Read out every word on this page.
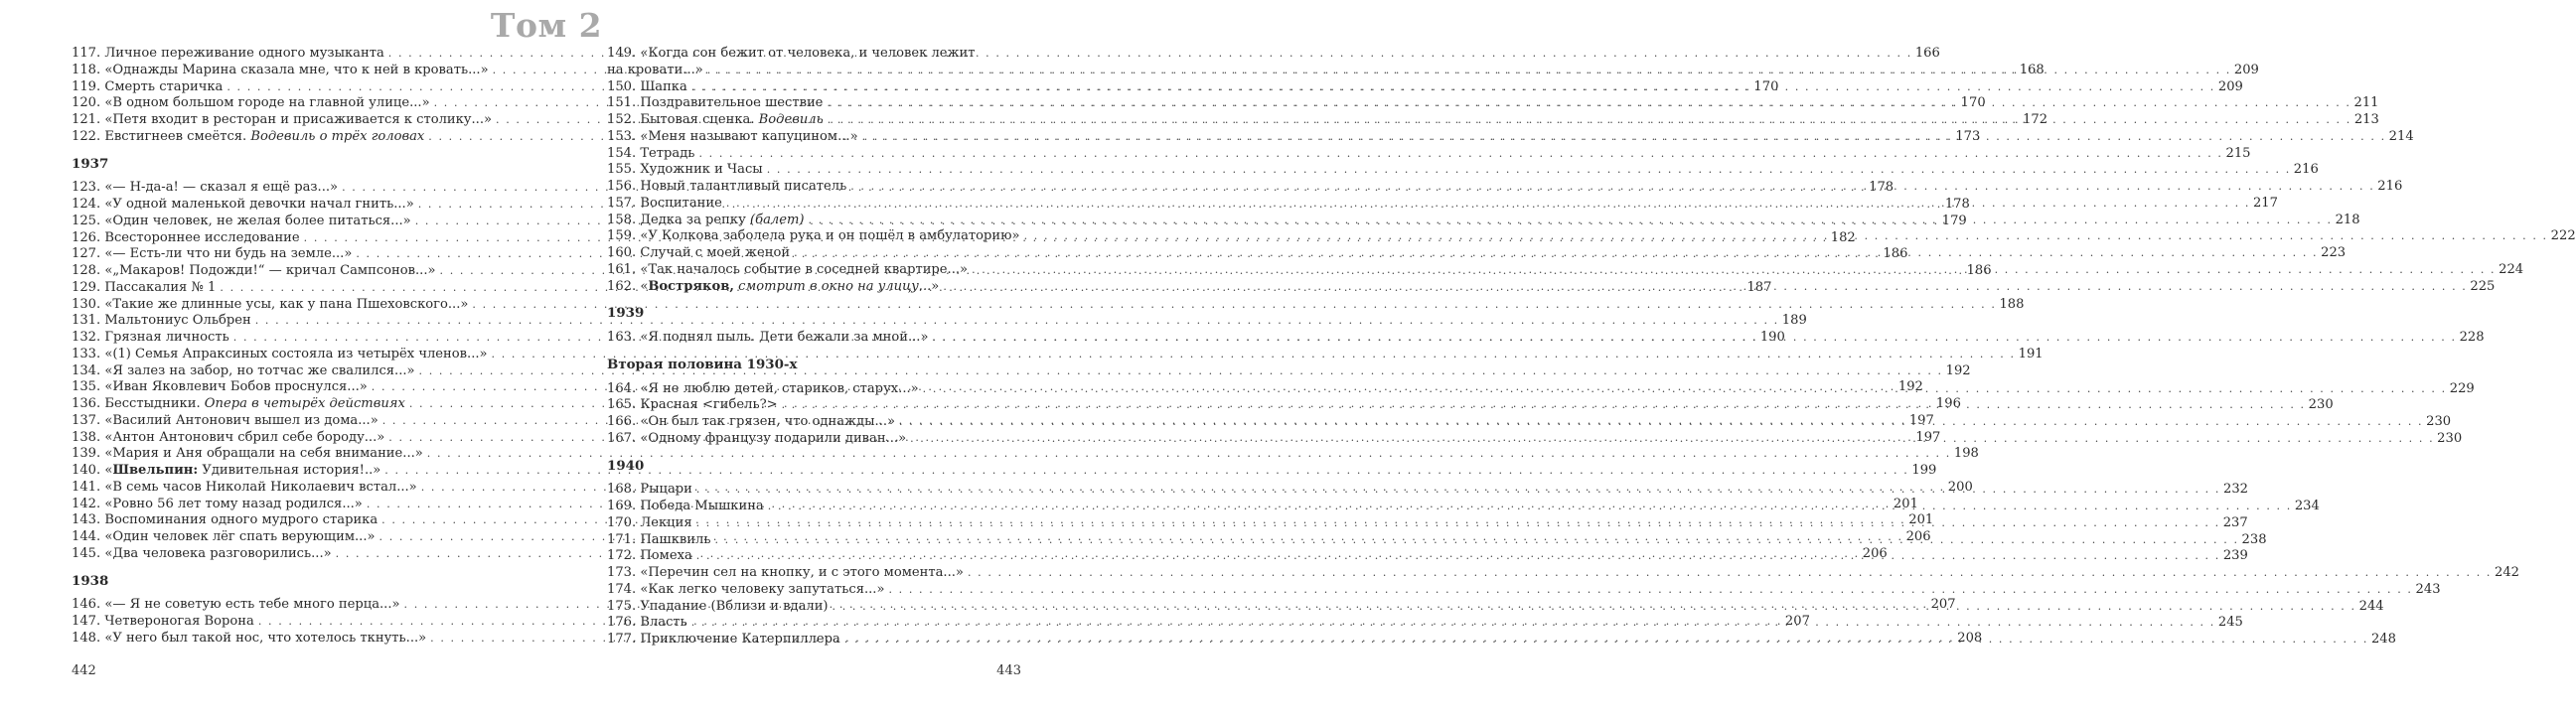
Том 2
117. Личное переживание одного музыканта . . .	166
118. «Однажды Марина сказала мне, что к ней в кровать...» . . .	168
119. Смерть старичка . . .	170
120. «В одном большом городе на главной улице...» . . .	170
121. «Петя входит в ресторан и присаживается к столику...» . . .	172
122. Евстигнеев смеётся. Водевиль о трёх головах . . .	173
1937
123. «— Н-да-а! — сказал я ещё раз...» . . .	178
124. «У одной маленькой девочки начал гнить...» . . .	178
125. «Один человек, не желая более питаться...» . . .	179
126. Всестороннее исследование . . .	182
127. «— Есть-ли что ни будь на земле...» . . .	186
128. «„Макаров! Подожди!“ — кричал Сампсонов...» . . .	186
129. Пассакалия № 1 . . .	187
130. «Такие же длинные усы, как у пана Пшеховского...» . . .	188
131. Мальтониус Ольбрен . . .	189
132. Грязная личность . . .	190
133. «(1) Семья Апраксиных состояла из четырёх членов...» . . .	191
134. «Я залез на забор, но тотчас же свалился...» . . .	192
135. «Иван Яковлевич Бобов проснулся...» . . .	192
136. Бесстыдники. Опера в четырёх действиях . . .	196
137. «Василий Антонович вышел из дома...» . . .	197
138. «Антон Антонович сбрил себе бороду...» . . .	197
139. «Мария и Аня обращали на себя внимание...» . . .	198
140. «Швельпин: Удивительная история!..» . . .	199
141. «В семь часов Николай Николаевич встал...» . . .	200
142. «Ровно 56 лет тому назад родился...» . . .	201
143. Воспоминания одного мудрого старика . . .	201
144. «Один человек лёг спать верующим...» . . .	206
145. «Два человека разговорились...» . . .	206
1938
146. «— Я не советую есть тебе много перца...» . . .	207
147. Четвероногая Ворона . . .	207
148. «У него был такой нос, что хотелось ткнуть...» . . .	208
149. «Когда сон бежит от человека, и человек лежит
на кровати...» . . .	209
150. Шапка . . .	209
151. Поздравительное шествие . . .	211
152. Бытовая сценка. Водевиль . . .	213
153. «Меня называют капуцином...» . . .	214
154. Тетрадь . . .	215
155. Художник и Часы . . .	216
156. Новый талантливый писатель . . .	216
157. Воспитание . . .	217
158. Дедка за репку (балет) . . .	218
159. «У Колкова заболела рука и он пошёл в амбулаторию» . . .	222
160. Случай с моей женой . . .	223
161. «Так началось событие в соседней квартире...» . . .	224
162. «Вострякoв, смотрит в окно на улицу...» . . .	225
1939
163. «Я поднял пыль. Дети бежали за мной...» . . .	228
Вторая половина 1930-х
164. «Я не люблю детей, стариков, старух...» . . .	229
165. Красная <гибель?> . . .	230
166. «Он был так грязен, что однажды...» . . .	230
167. «Одному французу подарили диван...» . . .	230
1940
168. Рыцари . . .	232
169. Победа Мышкина . . .	234
170. Лекция . . .	237
171. Пашквиль . . .	238
172. Помеха . . .	239
173. «Перечин сел на кнопку, и с этого момента...» . . .	242
174. «Как легко человеку запутаться...» . . .	243
175. Упадание (Вблизи и вдали) . . .	244
176. Власть . . .	245
177. Приключение Катерпиллера . . .	248
442	443
